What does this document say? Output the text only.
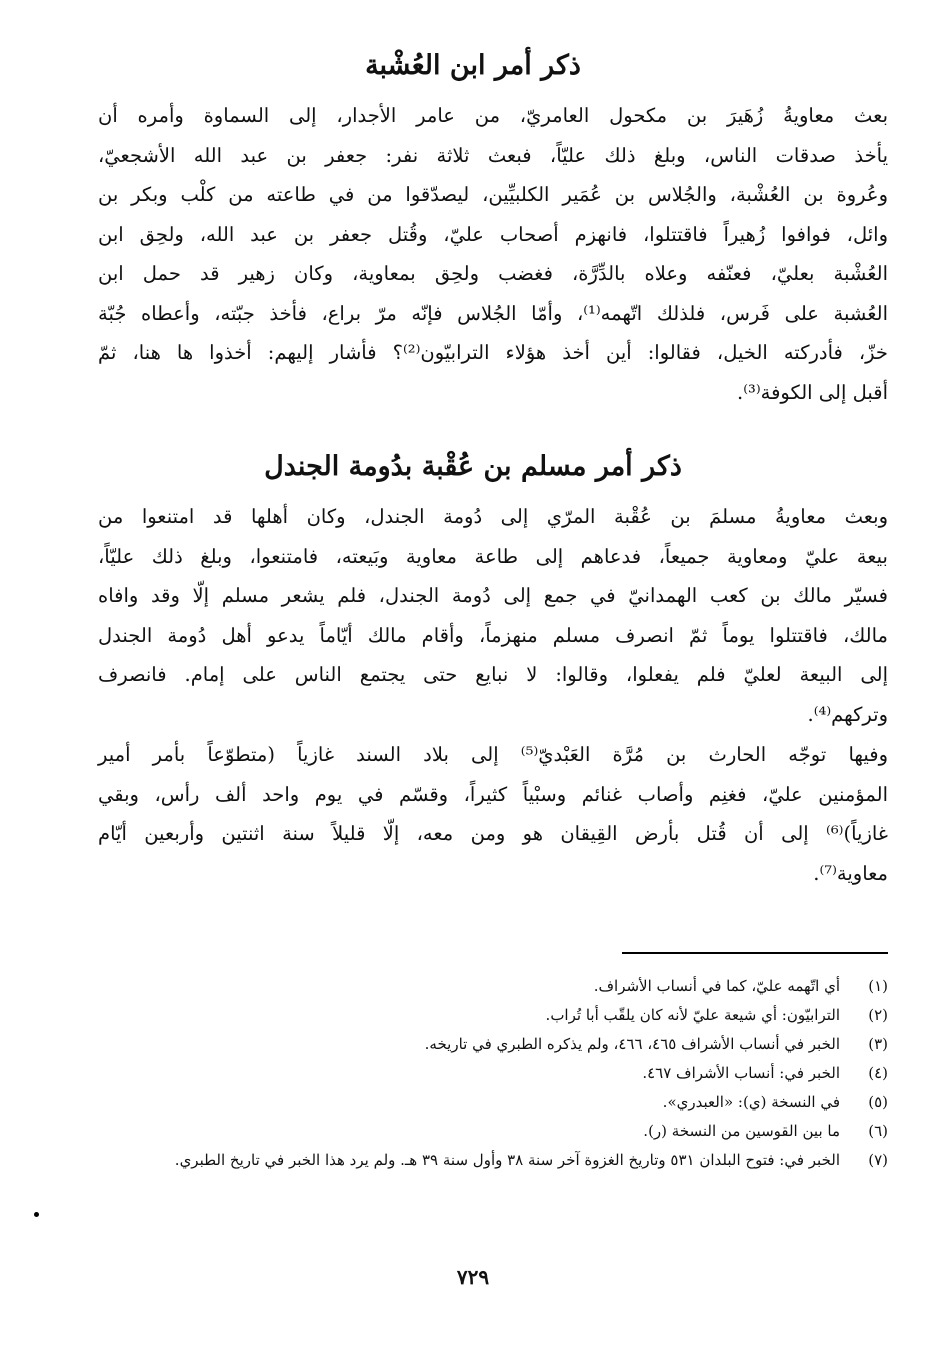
ذكر أمر ابن العُشْبة
بعث معاويةُ زُهَيرَ بن مكحول العامريّ، من عامر الأجدار، إلى السماوة وأمره أن
يأخذ صدقات الناس، وبلغ ذلك عليّاً، فبعث ثلاثة نفر: جعفر بن عبد الله الأشجعيّ،
وعُروة بن العُشْبة، والجُلاس بن عُمَير الكلبيِّين، ليصدّقوا من في طاعته من كلْب وبكر بن
وائل، فوافوا زُهيراً فاقتتلوا، فانهزم أصحاب عليّ، وقُتل جعفر بن عبد الله، ولحِق ابن
العُشْبة بعليّ، فعنّفه وعلاه بالدِّرَّة، فغضب ولحِق بمعاوية، وكان زهير قد حمل ابن
العُشبة على فَرس، فلذلك اتّهمه⁽¹⁾، وأمّا الجُلاس فإنّه مرّ براع، فأخذ جبّته، وأعطاه جُبّة
خزّ، فأدركته الخيل، فقالوا: أين أخذ هؤلاء الترابيّون⁽²⁾؟ فأشار إليهم: أخذوا ها هنا، ثمّ
أقبل إلى الكوفة⁽³⁾.
ذكر أمر مسلم بن عُقْبة بدُومة الجندل
وبعث معاويةُ مسلمَ بن عُقْبة المرّي إلى دُومة الجندل، وكان أهلها قد امتنعوا من
بيعة عليّ ومعاوية جميعاً، فدعاهم إلى طاعة معاوية وبَيعته، فامتنعوا، وبلغ ذلك عليّاً،
فسيّر مالك بن كعب الهمدانيّ في جمع إلى دُومة الجندل، فلم يشعر مسلم إلّا وقد وافاه
مالك، فاقتتلوا يوماً ثمّ انصرف مسلم منهزماً، وأقام مالك أيّاماً يدعو أهل دُومة الجندل
إلى البيعة لعليّ فلم يفعلوا، وقالوا: لا نبايع حتى يجتمع الناس على إمام. فانصرف
وتركهم⁽⁴⁾.
وفيها توجّه الحارث بن مُرَّة العَبْديّ⁽⁵⁾ إلى بلاد السند غازياً (متطوّعاً بأمر أمير
المؤمنين عليّ، فغنِم وأصاب غنائم وسبْياً كثيراً، وقسّم في يوم واحد ألف رأس، وبقي
غازياً)⁽⁶⁾ إلى أن قُتل بأرض القِيقان هو ومن معه، إلّا قليلاً سنة اثنتين وأربعين أيّام
معاوية⁽⁷⁾.
(١)
أي اتّهمه عليّ، كما في أنساب الأشراف.
(٢)
الترابيّون: أي شيعة عليّ لأنه كان يلقّب أبا تُراب.
(٣)
الخبر في أنساب الأشراف ٤٦٥، ٤٦٦، ولم يذكره الطبري في تاريخه.
(٤)
الخبر في: أنساب الأشراف ٤٦٧.
(٥)
في النسخة (ي): «العبدري».
(٦)
ما بين القوسين من النسخة (ر).
(٧)
الخبر في: فتوح البلدان ٥٣١ وتاريخ الغزوة آخر سنة ٣٨ وأول سنة ٣٩ هـ. ولم يرد هذا الخبر في تاريخ الطبري.
٧٢٩
